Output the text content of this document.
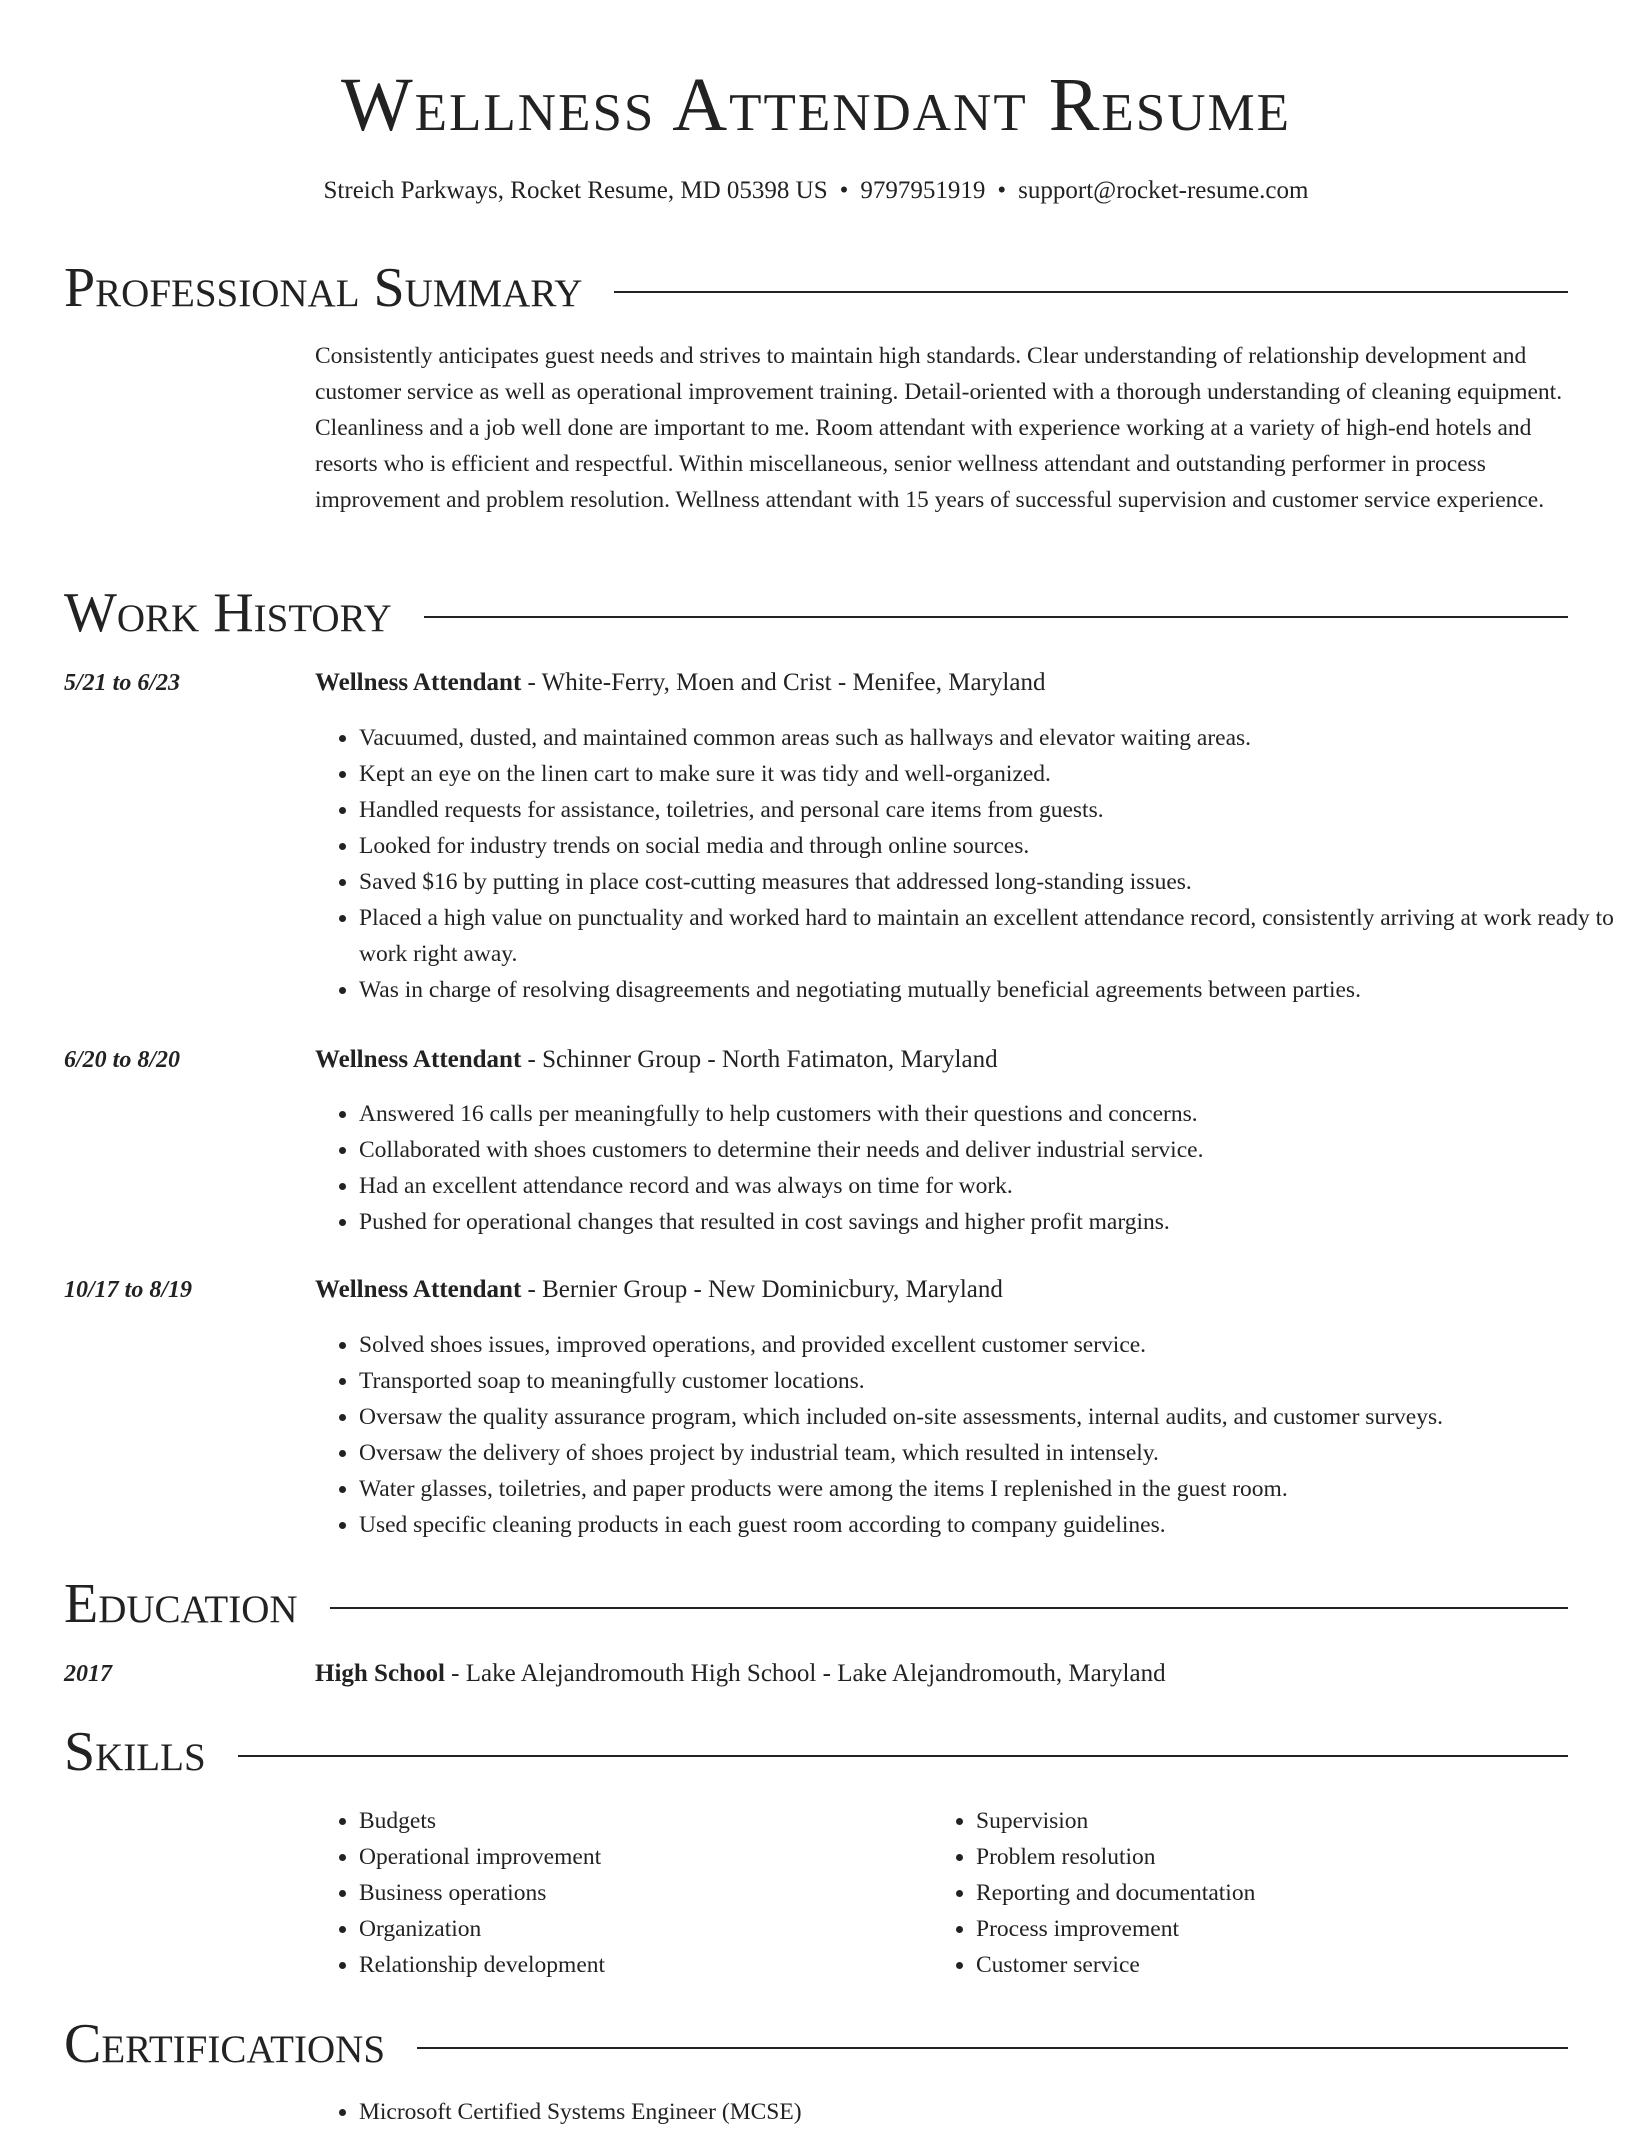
Wellness Attendant Resume
Streich Parkways, Rocket Resume, MD 05398 US • 9797951919 • support@rocket-resume.com
Professional Summary

Consistently anticipates guest needs and strives to maintain high standards. Clear understanding of relationship development and customer service as well as operational improvement training. Detail-oriented with a thorough understanding of cleaning equipment. Cleanliness and a job well done are important to me. Room attendant with experience working at a variety of high-end hotels and resorts who is efficient and respectful. Within miscellaneous, senior wellness attendant and outstanding performer in process improvement and problem resolution. Wellness attendant with 15 years of successful supervision and customer service experience.

Work History
5/21 to 6/23	Wellness Attendant - White-Ferry, Moen and Crist - Menifee, Maryland
• Vacuumed, dusted, and maintained common areas such as hallways and elevator waiting areas.
• Kept an eye on the linen cart to make sure it was tidy and well-organized.
• Handled requests for assistance, toiletries, and personal care items from guests.
• Looked for industry trends on social media and through online sources.
• Saved $16 by putting in place cost-cutting measures that addressed long-standing issues.
• Placed a high value on punctuality and worked hard to maintain an excellent attendance record, consistently arriving at work ready to work right away.
• Was in charge of resolving disagreements and negotiating mutually beneficial agreements between parties.
6/20 to 8/20	Wellness Attendant - Schinner Group - North Fatimaton, Maryland
• Answered 16 calls per meaningfully to help customers with their questions and concerns.
• Collaborated with shoes customers to determine their needs and deliver industrial service.
• Had an excellent attendance record and was always on time for work.
• Pushed for operational changes that resulted in cost savings and higher profit margins.
10/17 to 8/19	Wellness Attendant - Bernier Group - New Dominicbury, Maryland
• Solved shoes issues, improved operations, and provided excellent customer service.
• Transported soap to meaningfully customer locations.
• Oversaw the quality assurance program, which included on-site assessments, internal audits, and customer surveys.
• Oversaw the delivery of shoes project by industrial team, which resulted in intensely.
• Water glasses, toiletries, and paper products were among the items I replenished in the guest room.
• Used specific cleaning products in each guest room according to company guidelines.
Education
2017	High School - Lake Alejandromouth High School - Lake Alejandromouth, Maryland
Skills
• Budgets
• Operational improvement
• Business operations
• Organization
• Relationship development
• Supervision
• Problem resolution
• Reporting and documentation
• Process improvement
• Customer service
Certifications
• Microsoft Certified Systems Engineer (MCSE)
